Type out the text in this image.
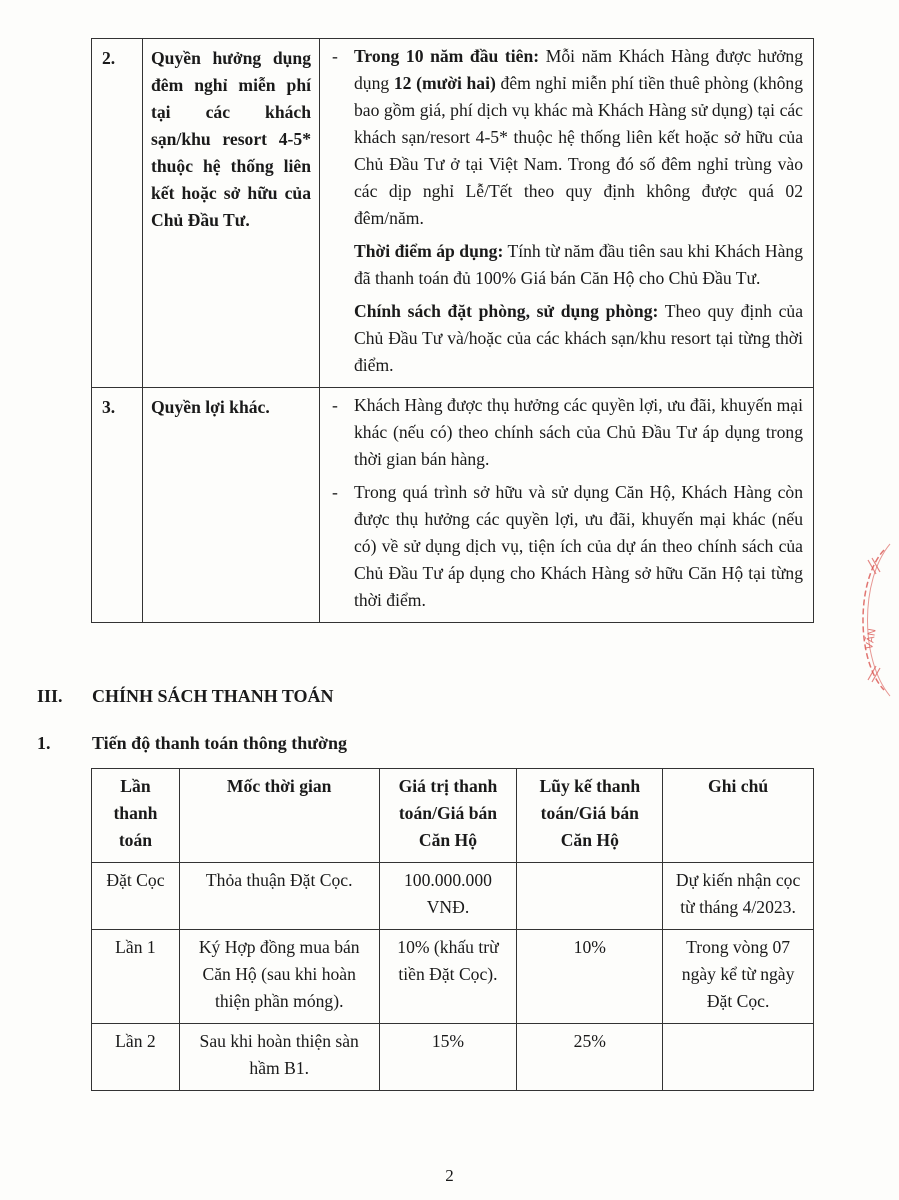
2.	Quyền hưởng dụng đêm nghỉ miễn phí tại các khách sạn/khu resort 4-5* thuộc hệ thống liên kết hoặc sở hữu của Chủ Đầu Tư.	- Trong 10 năm đầu tiên: Mỗi năm Khách Hàng được hưởng dụng 12 (mười hai) đêm nghỉ miễn phí tiền thuê phòng (không bao gồm giá, phí dịch vụ khác mà Khách Hàng sử dụng) tại các khách sạn/resort 4-5* thuộc hệ thống liên kết hoặc sở hữu của Chủ Đầu Tư ở tại Việt Nam. Trong đó số đêm nghỉ trùng vào các dịp nghỉ Lễ/Tết theo quy định không được quá 02 đêm/năm.
Thời điểm áp dụng: Tính từ năm đầu tiên sau khi Khách Hàng đã thanh toán đủ 100% Giá bán Căn Hộ cho Chủ Đầu Tư.
Chính sách đặt phòng, sử dụng phòng: Theo quy định của Chủ Đầu Tư và/hoặc của các khách sạn/khu resort tại từng thời điểm.

3.	Quyền lợi khác.	- Khách Hàng được thụ hưởng các quyền lợi, ưu đãi, khuyến mại khác (nếu có) theo chính sách của Chủ Đầu Tư áp dụng trong thời gian bán hàng.
- Trong quá trình sở hữu và sử dụng Căn Hộ, Khách Hàng còn được thụ hưởng các quyền lợi, ưu đãi, khuyến mại khác (nếu có) về sử dụng dịch vụ, tiện ích của dự án theo chính sách của Chủ Đầu Tư áp dụng cho Khách Hàng sở hữu Căn Hộ tại từng thời điểm.
III. CHÍNH SÁCH THANH TOÁN
1. Tiến độ thanh toán thông thường
Lần thanh toán	Mốc thời gian	Giá trị thanh toán/Giá bán Căn Hộ	Lũy kế thanh toán/Giá bán Căn Hộ	Ghi chú
Đặt Cọc	Thỏa thuận Đặt Cọc.	100.000.000 VNĐ.		Dự kiến nhận cọc từ tháng 4/2023.
Lần 1	Ký Hợp đồng mua bán Căn Hộ (sau khi hoàn thiện phần móng).	10% (khấu trừ tiền Đặt Cọc).	10%	Trong vòng 07 ngày kể từ ngày Đặt Cọc.
Lần 2	Sau khi hoàn thiện sàn hầm B1.	15%	25%	
VĂN
2
